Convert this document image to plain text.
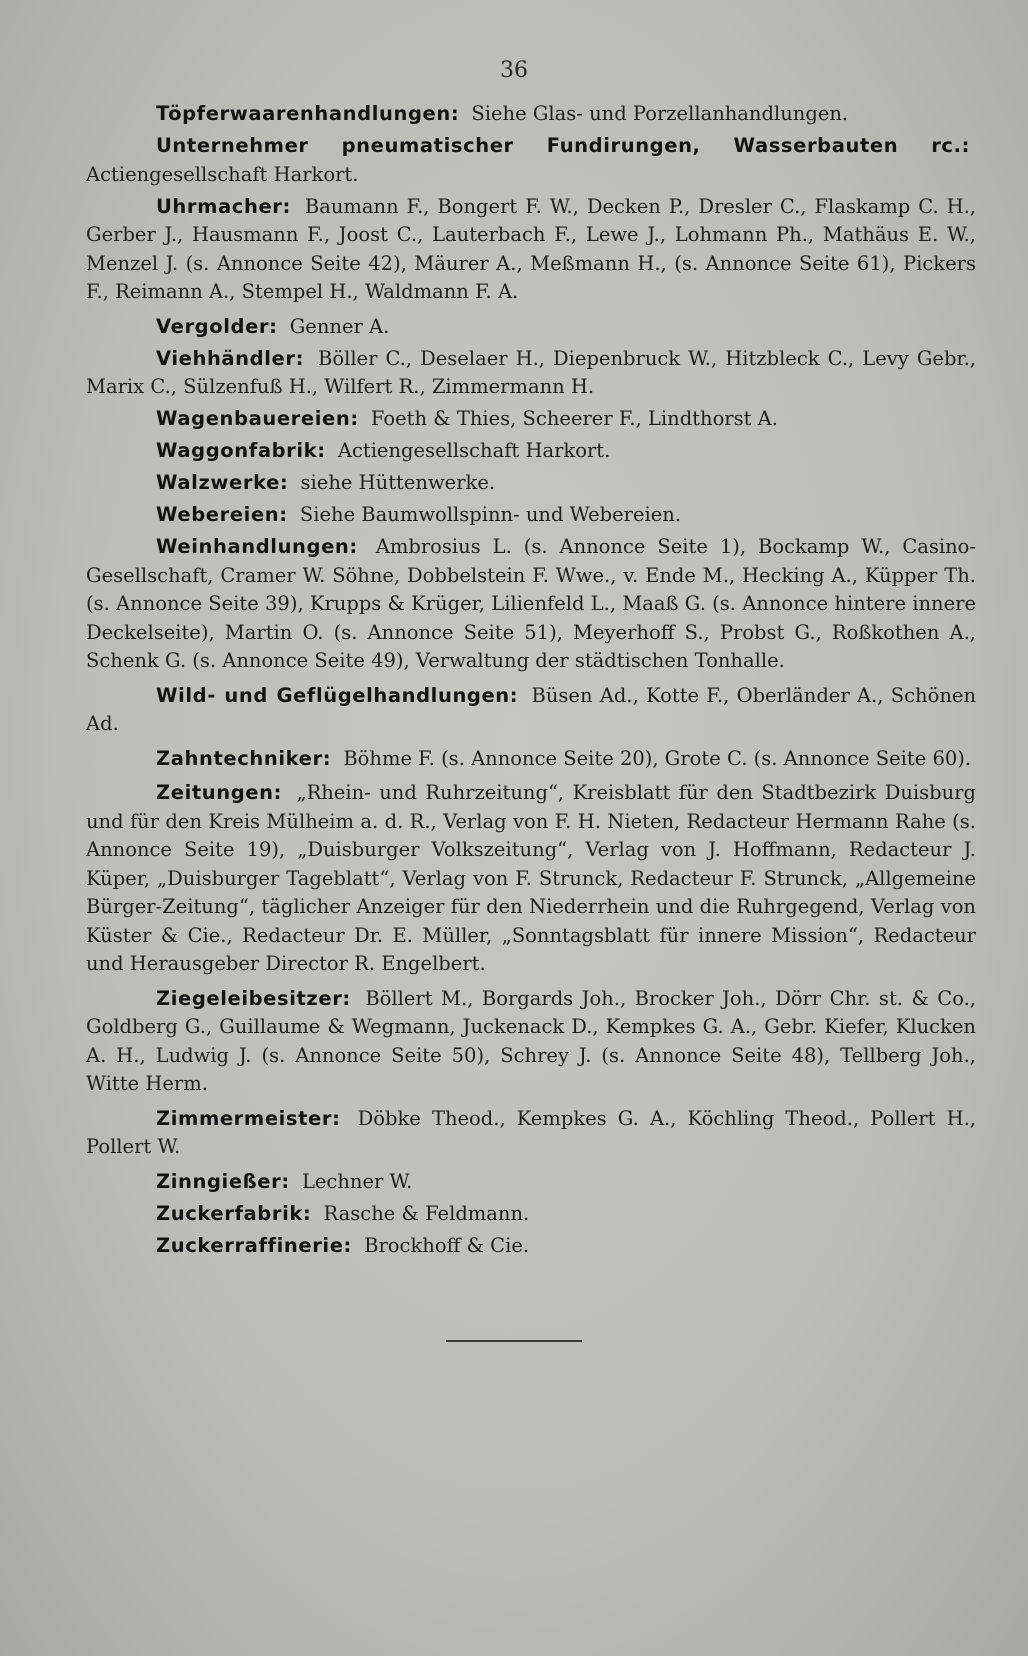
36

Töpferwaarenhandlungen: Siehe Glas- und Porzellanhandlungen.

Unternehmer pneumatischer Fundirungen, Wasserbauten rc.: Actiengesellschaft Harkort.

Uhrmacher: Baumann F., Bongert F. W., Decken P., Dresler C., Flaskamp C. H., Gerber J., Hausmann F., Joost C., Lauterbach F., Lewe J., Lohmann Ph., Mathäus E. W., Menzel J. (s. Annonce Seite 42), Mäurer A., Meßmann H., (s. Annonce Seite 61), Pickers F., Reimann A., Stempel H., Waldmann F. A.

Vergolder: Genner A.

Viehhändler: Böller C., Deselaer H., Diepenbruck W., Hitzbleck C., Levy Gebr., Marix C., Sülzenfuß H., Wilfert R., Zimmermann H.

Wagenbauereien: Foeth & Thies, Scheerer F., Lindthorst A.

Waggonfabrik: Actiengesellschaft Harkort.

Walzwerke: siehe Hüttenwerke.

Webereien: Siehe Baumwollspinn- und Webereien.

Weinhandlungen: Ambrosius L. (s. Annonce Seite 1), Bockamp W., Casino-Gesellschaft, Cramer W. Söhne, Dobbelstein F. Wwe., v. Ende M., Hecking A., Küpper Th. (s. Annonce Seite 39), Krupps & Krüger, Lilienfeld L., Maaß G. (s. Annonce hintere innere Deckelseite), Martin O. (s. Annonce Seite 51), Meyerhoff S., Probst G., Roßkothen A., Schenk G. (s. Annonce Seite 49), Verwaltung der städtischen Tonhalle.

Wild- und Geflügelhandlungen: Büsen Ad., Kotte F., Oberländer A., Schönen Ad.

Zahntechniker: Böhme F. (s. Annonce Seite 20), Grote C. (s. Annonce Seite 60).

Zeitungen: „Rhein- und Ruhrzeitung“, Kreisblatt für den Stadtbezirk Duisburg und für den Kreis Mülheim a. d. R., Verlag von F. H. Nieten, Redacteur Hermann Rahe (s. Annonce Seite 19), „Duisburger Volkszeitung“, Verlag von J. Hoffmann, Redacteur J. Küper, „Duisburger Tageblatt“, Verlag von F. Strunck, Redacteur F. Strunck, „Allgemeine Bürger-Zeitung“, täglicher Anzeiger für den Niederrhein und die Ruhrgegend, Verlag von Küster & Cie., Redacteur Dr. E. Müller, „Sonntagsblatt für innere Mission“, Redacteur und Herausgeber Director R. Engelbert.

Ziegeleibesitzer: Böllert M., Borgards Joh., Brocker Joh., Dörr Chr. st. & Co., Goldberg G., Guillaume & Wegmann, Juckenack D., Kempkes G. A., Gebr. Kiefer, Klucken A. H., Ludwig J. (s. Annonce Seite 50), Schrey J. (s. Annonce Seite 48), Tellberg Joh., Witte Herm.

Zimmermeister: Döbke Theod., Kempkes G. A., Köchling Theod., Pollert H., Pollert W.

Zinngießer: Lechner W.

Zuckerfabrik: Rasche & Feldmann.

Zuckerraffinerie: Brockhoff & Cie.
